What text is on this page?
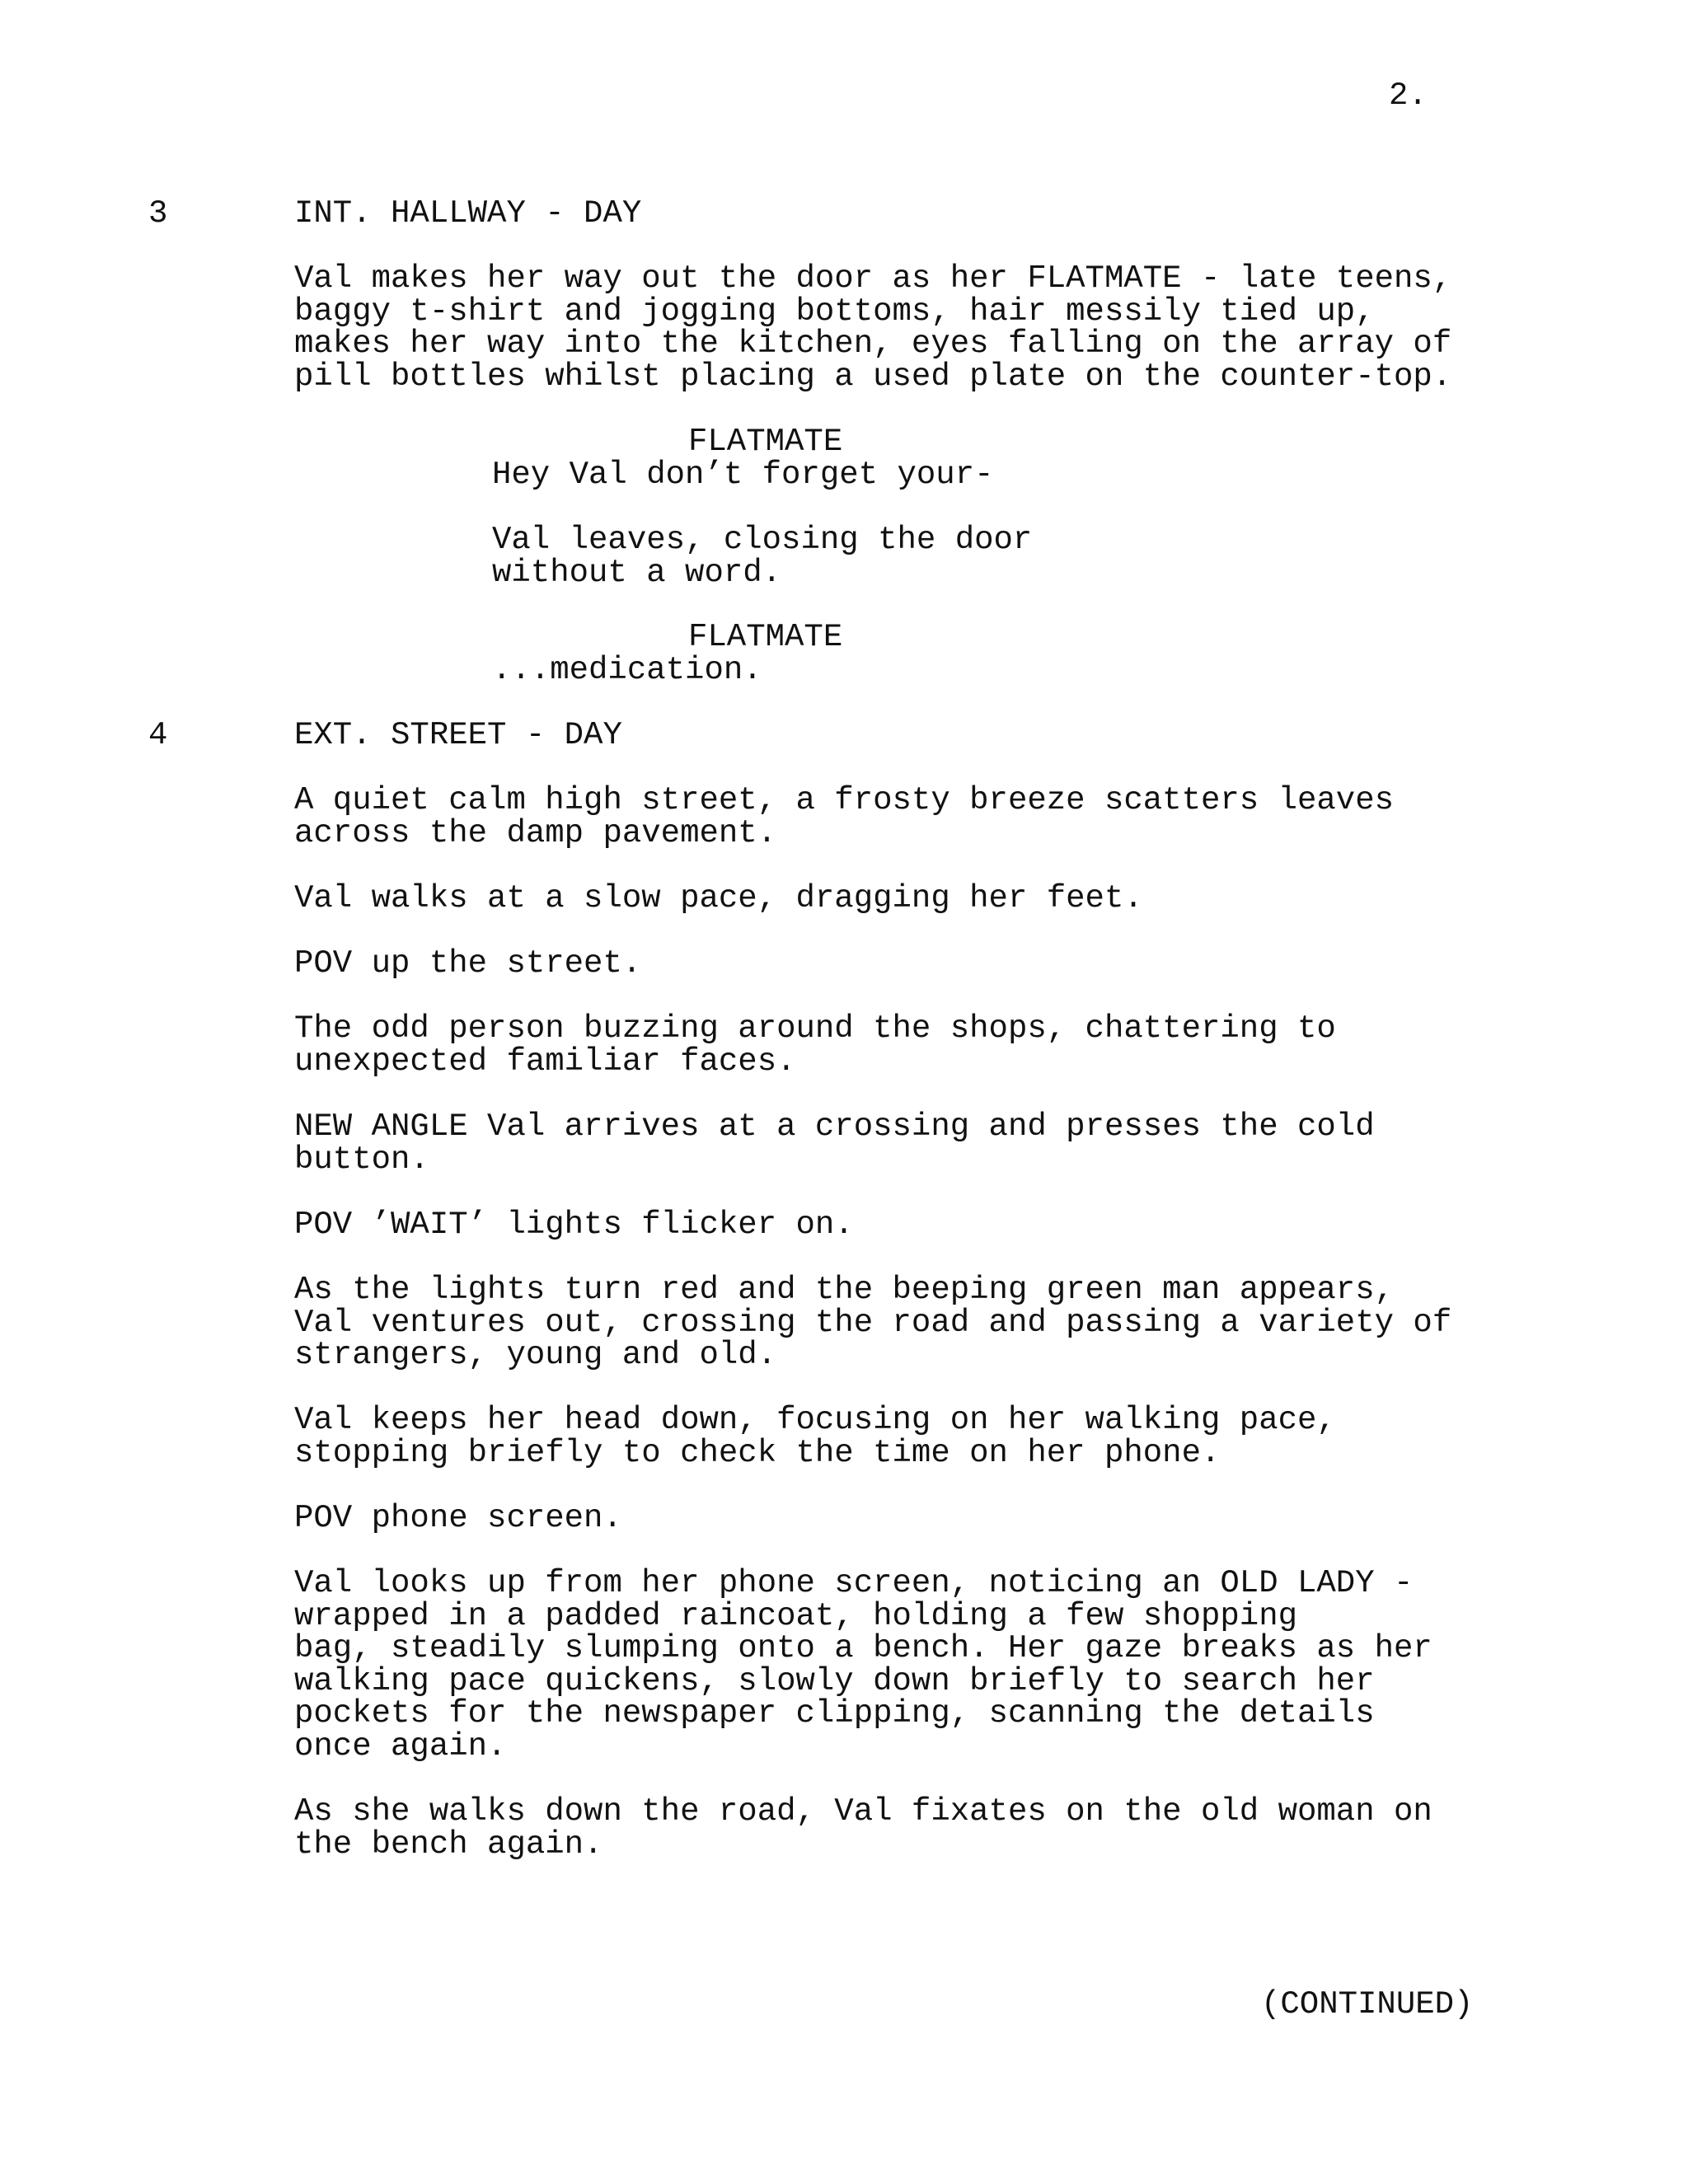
2.
3	INT. HALLWAY - DAY
Val makes her way out the door as her FLATMATE - late teens,
baggy t-shirt and jogging bottoms, hair messily tied up,
makes her way into the kitchen, eyes falling on the array of
pill bottles whilst placing a used plate on the counter-top.
FLATMATE
Hey Val don’t forget your-
Val leaves, closing the door
without a word.
FLATMATE
...medication.
4	EXT. STREET - DAY
A quiet calm high street, a frosty breeze scatters leaves
across the damp pavement.
Val walks at a slow pace, dragging her feet.
POV up the street.
The odd person buzzing around the shops, chattering to
unexpected familiar faces.
NEW ANGLE Val arrives at a crossing and presses the cold
button.
POV ’WAIT’ lights flicker on.
As the lights turn red and the beeping green man appears,
Val ventures out, crossing the road and passing a variety of
strangers, young and old.
Val keeps her head down, focusing on her walking pace,
stopping briefly to check the time on her phone.
POV phone screen.
Val looks up from her phone screen, noticing an OLD LADY -
wrapped in a padded raincoat, holding a few shopping
bag, steadily slumping onto a bench. Her gaze breaks as her
walking pace quickens, slowly down briefly to search her
pockets for the newspaper clipping, scanning the details
once again.
As she walks down the road, Val fixates on the old woman on
the bench again.
(CONTINUED)
